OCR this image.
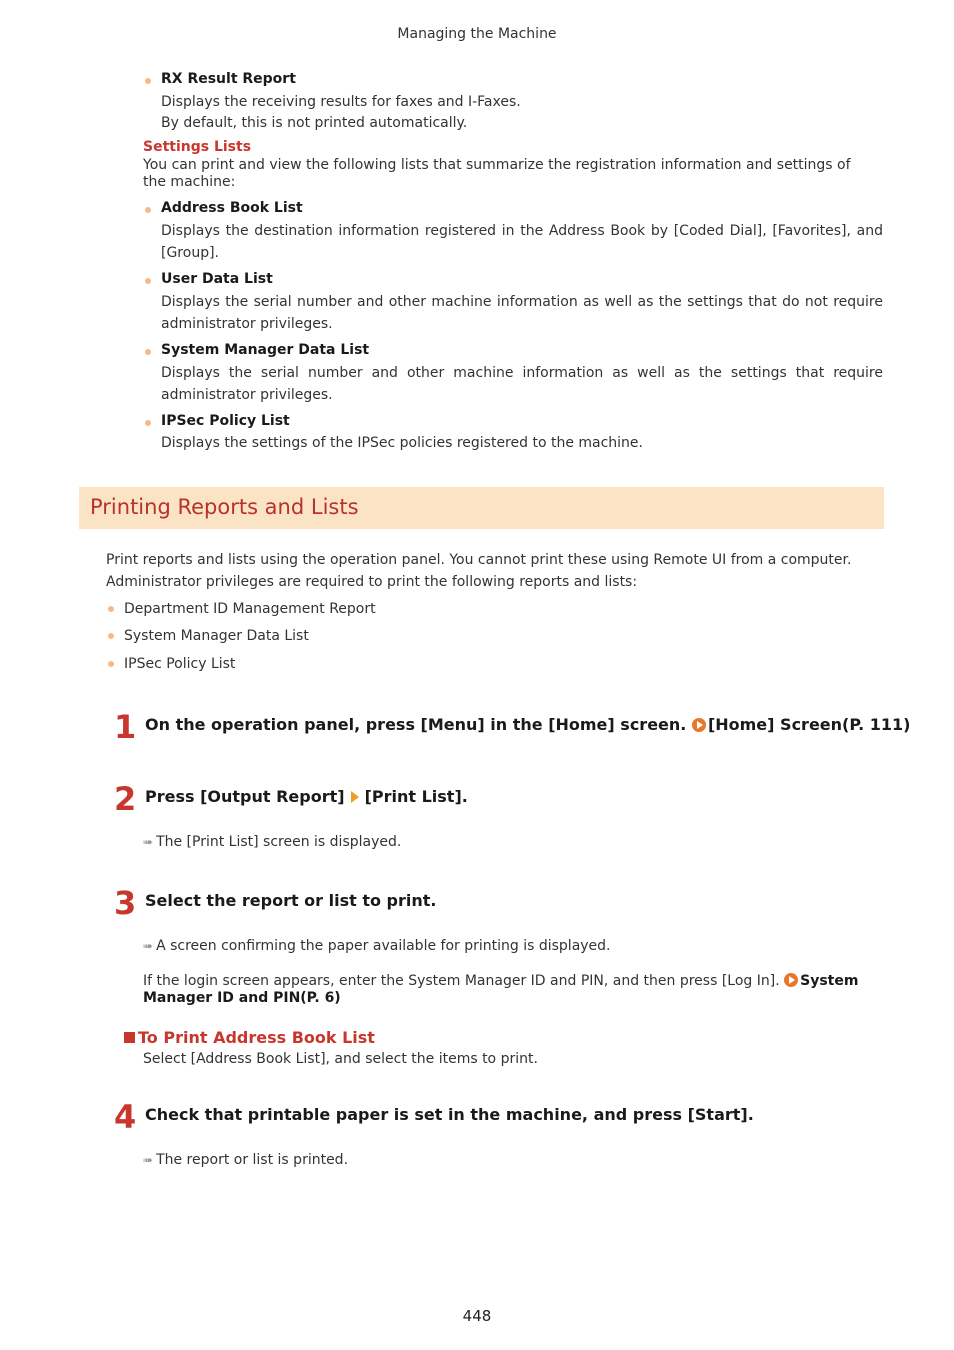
Managing the Machine
RX Result Report
Displays the receiving results for faxes and I-Faxes.
By default, this is not printed automatically.
Settings Lists
You can print and view the following lists that summarize the registration information and settings of the machine:
Address Book List
Displays the destination information registered in the Address Book by [Coded Dial], [Favorites], and [Group].
User Data List
Displays the serial number and other machine information as well as the settings that do not require administrator privileges.
System Manager Data List
Displays the serial number and other machine information as well as the settings that require administrator privileges.
IPSec Policy List
Displays the settings of the IPSec policies registered to the machine.
Printing Reports and Lists
Print reports and lists using the operation panel. You cannot print these using Remote UI from a computer.
Administrator privileges are required to print the following reports and lists:
Department ID Management Report
System Manager Data List
IPSec Policy List
1 On the operation panel, press [Menu] in the [Home] screen. [Home] Screen(P. 111)
2 Press [Output Report] [Print List].
➠ The [Print List] screen is displayed.
3 Select the report or list to print.
➠ A screen confirming the paper available for printing is displayed.
If the login screen appears, enter the System Manager ID and PIN, and then press [Log In]. System
Manager ID and PIN(P. 6)
To Print Address Book List
Select [Address Book List], and select the items to print.
4 Check that printable paper is set in the machine, and press [Start].
➠ The report or list is printed.
448
